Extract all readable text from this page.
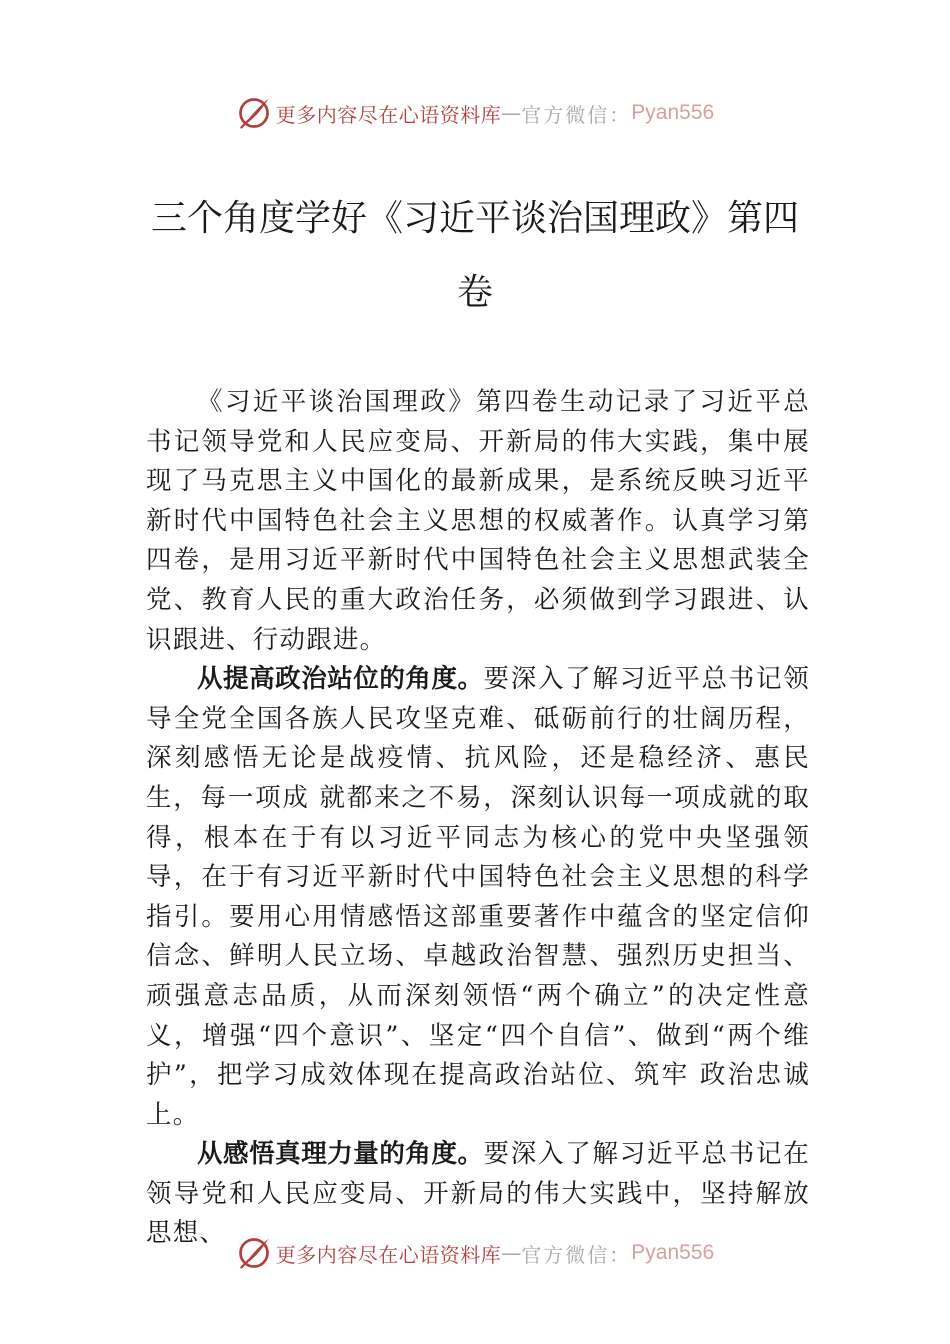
更多内容尽在心语资料库 — 官方微信： Pyan556
三个角度学好《习近平谈治国理政》第四
卷

《习近平谈治国理政》第四卷生动记录了习近平总书记领导党和人民应变局、开新局的伟大实践，集中展现了马克思主义中国化的最新成果，是系统反映习近平新时代中国特色社会主义思想的权威著作。认真学习第四卷，是用习近平新时代中国特色社会主义思想武装全党、教育人民的重大政治任务，必须做到学习跟进、认识跟进、行动跟进。

从提高政治站位的角度。要深入了解习近平总书记领导全党全国各族人民攻坚克难、砥砺前行的壮阔历程，深刻感悟无论是战疫情、抗风险，还是稳经济、惠民生，每一项成 就都来之不易，深刻认识每一项成就的取得，根本在于有以习近平同志为核心的党中央坚强领导，在于有习近平新时代中国特色社会主义思想的科学指引。要用心用情感悟这部重要著作中蕴含的坚定信仰信念、鲜明人民立场、卓越政治智慧、强烈历史担当、顽强意志品质，从而深刻领悟“两个确立”的决定性意义，增强“四个意识”、坚定“四个自信”、做到“两个维护”，把学习成效体现在提高政治站位、筑牢 政治忠诚上。

从感悟真理力量的角度。要深入了解习近平总书记在领导党和人民应变局、开新局的伟大实践中，坚持解放思想、

更多内容尽在心语资料库 — 官方微信： Pyan556
